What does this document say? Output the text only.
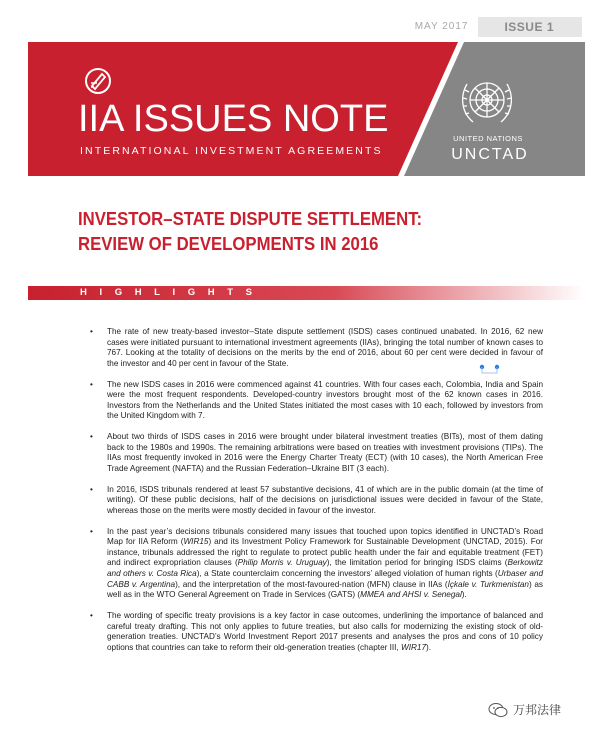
MAY 2017	ISSUE 1
IIA ISSUES NOTE
INTERNATIONAL INVESTMENT AGREEMENTS
UNITED NATIONS
UNCTAD
INVESTOR–STATE DISPUTE SETTLEMENT:
REVIEW OF DEVELOPMENTS IN 2016
HIGHLIGHTS
• The rate of new treaty-based investor–State dispute settlement (ISDS) cases continued unabated. In 2016, 62 new cases were initiated pursuant to international investment agreements (IIAs), bringing the total number of known cases to 767. Looking at the totality of decisions on the merits by the end of 2016, about 60 per cent were decided in favour of the investor and 40 per cent in favour of the State.
• The new ISDS cases in 2016 were commenced against 41 countries. With four cases each, Colombia, India and Spain were the most frequent respondents. Developed-country investors brought most of the 62 known cases in 2016. Investors from the Netherlands and the United States initiated the most cases with 10 each, followed by investors from the United Kingdom with 7.
• About two thirds of ISDS cases in 2016 were brought under bilateral investment treaties (BITs), most of them dating back to the 1980s and 1990s. The remaining arbitrations were based on treaties with investment provisions (TIPs). The IIAs most frequently invoked in 2016 were the Energy Charter Treaty (ECT) (with 10 cases), the North American Free Trade Agreement (NAFTA) and the Russian Federation–Ukraine BIT (3 each).
• In 2016, ISDS tribunals rendered at least 57 substantive decisions, 41 of which are in the public domain (at the time of writing). Of these public decisions, half of the decisions on jurisdictional issues were decided in favour of the State, whereas those on the merits were mostly decided in favour of the investor.
• In the past year’s decisions tribunals considered many issues that touched upon topics identified in UNCTAD’s Road Map for IIA Reform (WIR15) and its Investment Policy Framework for Sustainable Development (UNCTAD, 2015). For instance, tribunals addressed the right to regulate to protect public health under the fair and equitable treatment (FET) and indirect expropriation clauses (Philip Morris v. Uruguay), the limitation period for bringing ISDS claims (Berkowitz and others v. Costa Rica), a State counterclaim concerning the investors’ alleged violation of human rights (Urbaser and CABB v. Argentina), and the interpretation of the most-favoured-nation (MFN) clause in IIAs (İçkale v. Turkmenistan) as well as in the WTO General Agreement on Trade in Services (GATS) (MMEA and AHSI v. Senegal).
• The wording of specific treaty provisions is a key factor in case outcomes, underlining the importance of balanced and careful treaty drafting. This not only applies to future treaties, but also calls for modernizing the existing stock of old-generation treaties. UNCTAD’s World Investment Report 2017 presents and analyses the pros and cons of 10 policy options that countries can take to reform their old-generation treaties (chapter III, WIR17).
万邦法律
